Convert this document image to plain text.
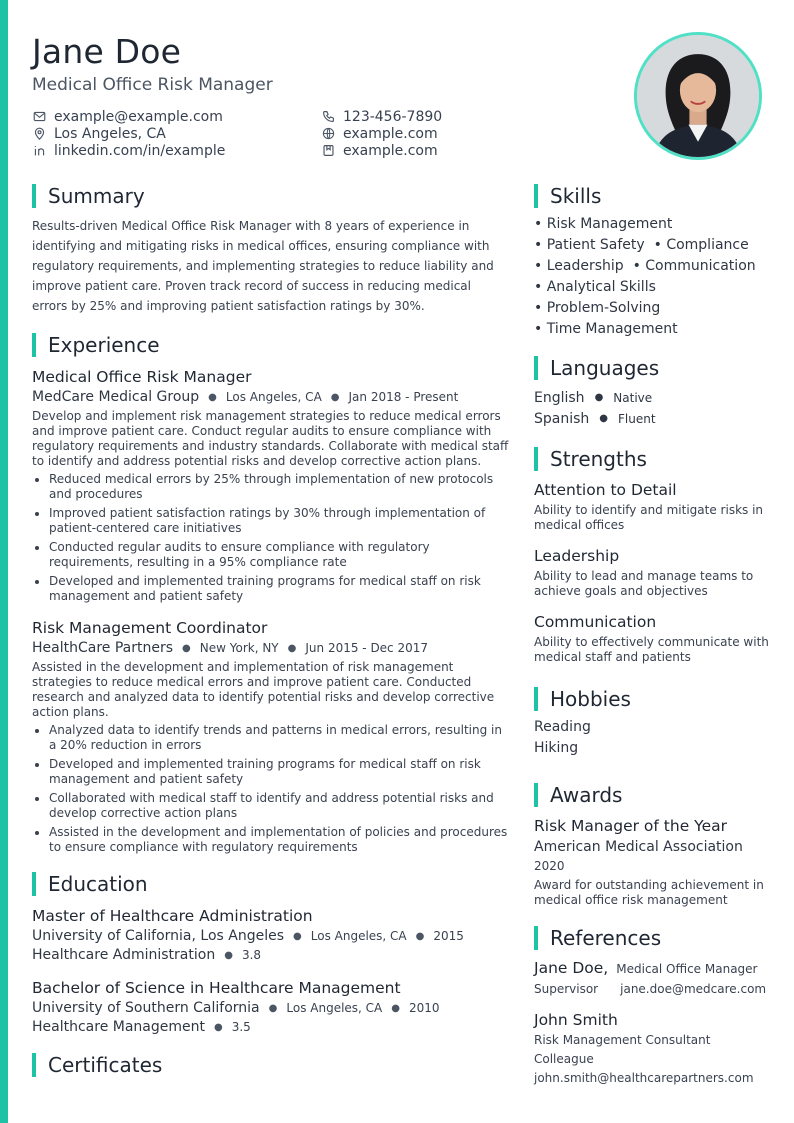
Jane Doe
Medical Office Risk Manager
example@example.com
Los Angeles, CA
linkedin.com/in/example
123-456-7890
example.com
example.com
Summary

Results-driven Medical Office Risk Manager with 8 years of experience in identifying and mitigating risks in medical offices, ensuring compliance with regulatory requirements, and implementing strategies to reduce liability and improve patient care. Proven track record of success in reducing medical errors by 25% and improving patient satisfaction ratings by 30%.

Experience
Medical Office Risk Manager
MedCare Medical Group ● Los Angeles, CA ● Jan 2018 - Present

Develop and implement risk management strategies to reduce medical errors and improve patient care. Conduct regular audits to ensure compliance with regulatory requirements and industry standards. Collaborate with medical staff to identify and address potential risks and develop corrective action plans.

Reduced medical errors by 25% through implementation of new protocols and procedures
Improved patient satisfaction ratings by 30% through implementation of patient-centered care initiatives
Conducted regular audits to ensure compliance with regulatory requirements, resulting in a 95% compliance rate
Developed and implemented training programs for medical staff on risk management and patient safety
Risk Management Coordinator
HealthCare Partners ● New York, NY ● Jun 2015 - Dec 2017

Assisted in the development and implementation of risk management strategies to reduce medical errors and improve patient care. Conducted research and analyzed data to identify potential risks and develop corrective action plans.

Analyzed data to identify trends and patterns in medical errors, resulting in a 20% reduction in errors
Developed and implemented training programs for medical staff on risk management and patient safety
Collaborated with medical staff to identify and address potential risks and develop corrective action plans
Assisted in the development and implementation of policies and procedures to ensure compliance with regulatory requirements
Education
Master of Healthcare Administration
University of California, Los Angeles ● Los Angeles, CA ● 2015
Healthcare Administration ● 3.8
Bachelor of Science in Healthcare Management
University of Southern California ● Los Angeles, CA ● 2010
Healthcare Management ● 3.5
Certificates
Skills
• Risk Management
• Patient Safety  • Compliance
• Leadership  • Communication
• Analytical Skills
• Problem-Solving
• Time Management
Languages
English ● Native
Spanish ● Fluent
Strengths
Attention to Detail
Ability to identify and mitigate risks in medical offices
Leadership
Ability to lead and manage teams to achieve goals and objectives
Communication
Ability to effectively communicate with medical staff and patients
Hobbies
Reading
Hiking
Awards
Risk Manager of the Year
American Medical Association
2020
Award for outstanding achievement in medical office risk management
References
Jane Doe, Medical Office Manager
Supervisor jane.doe@medcare.com
John Smith
Risk Management Consultant
Colleague
john.smith@healthcarepartners.com
